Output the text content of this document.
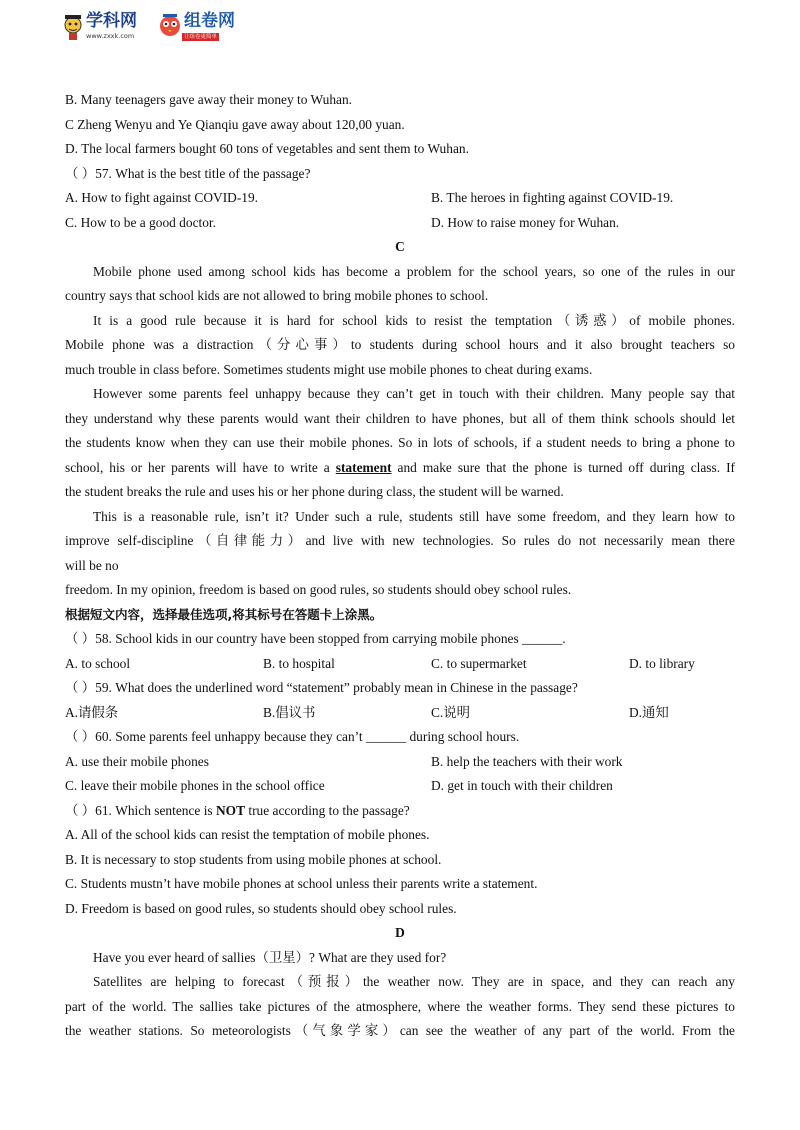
学科网
www.zxxk.com
组卷网
让组卷更简单
B. Many teenagers gave away their money to Wuhan.
C Zheng Wenyu and Ye Qianqiu gave away about 120,00 yuan.
D. The local farmers bought 60 tons of vegetables and sent them to Wuhan.
（ ）57. What is the best title of the passage?
A. How to fight against COVID-19.	B. The heroes in fighting against COVID-19.
C. How to be a good doctor.	D. How to raise money for Wuhan.
C
Mobile phone used among school kids has become a problem for the school years, so one of the rules in our
country says that school kids are not allowed to bring mobile phones to school.
It is a good rule because it is hard for school kids to resist the temptation（诱惑）of mobile phones.
Mobile phone was a distraction（分心事）to students during school hours and it also brought teachers so
much trouble in class before. Sometimes students might use mobile phones to cheat during exams.
However some parents feel unhappy because they can’t get in touch with their children. Many people say that
they understand why these parents would want their children to have phones, but all of them think schools should let
the students know when they can use their mobile phones. So in lots of schools, if a student needs to bring a phone to
school, his or her parents will have to write a statement and make sure that the phone is turned off during class. If
the student breaks the rule and uses his or her phone during class, the student will be warned.
This is a reasonable rule, isn’t it? Under such a rule, students still have some freedom, and they learn how to
improve self-discipline（自律能力）and live with new technologies. So rules do not necessarily mean there
will be no
freedom. In my opinion, freedom is based on good rules, so students should obey school rules.
根据短文内容，选择最佳选项,将其标号在答题卡上涂黑。
（ ）58. School kids in our country have been stopped from carrying mobile phones ______.
A. to school	B. to hospital	C. to supermarket	D. to library
（ ）59. What does the underlined word “statement” probably mean in Chinese in the passage?
A.请假条	B.倡议书	C.说明	D.通知
（ ）60. Some parents feel unhappy because they can’t ______ during school hours.
A. use their mobile phones	B. help the teachers with their work
C. leave their mobile phones in the school office	D. get in touch with their children
（ ）61. Which sentence is NOT true according to the passage?
A. All of the school kids can resist the temptation of mobile phones.
B. It is necessary to stop students from using mobile phones at school.
C. Students mustn’t have mobile phones at school unless their parents write a statement.
D. Freedom is based on good rules, so students should obey school rules.
D
Have you ever heard of sallies（卫星）? What are they used for?
Satellites are helping to forecast（预报）the weather now. They are in space, and they can reach any
part of the world. The sallies take pictures of the atmosphere, where the weather forms. They send these pictures to
the weather stations. So meteorologists（气象学家）can see the weather of any part of the world. From the
